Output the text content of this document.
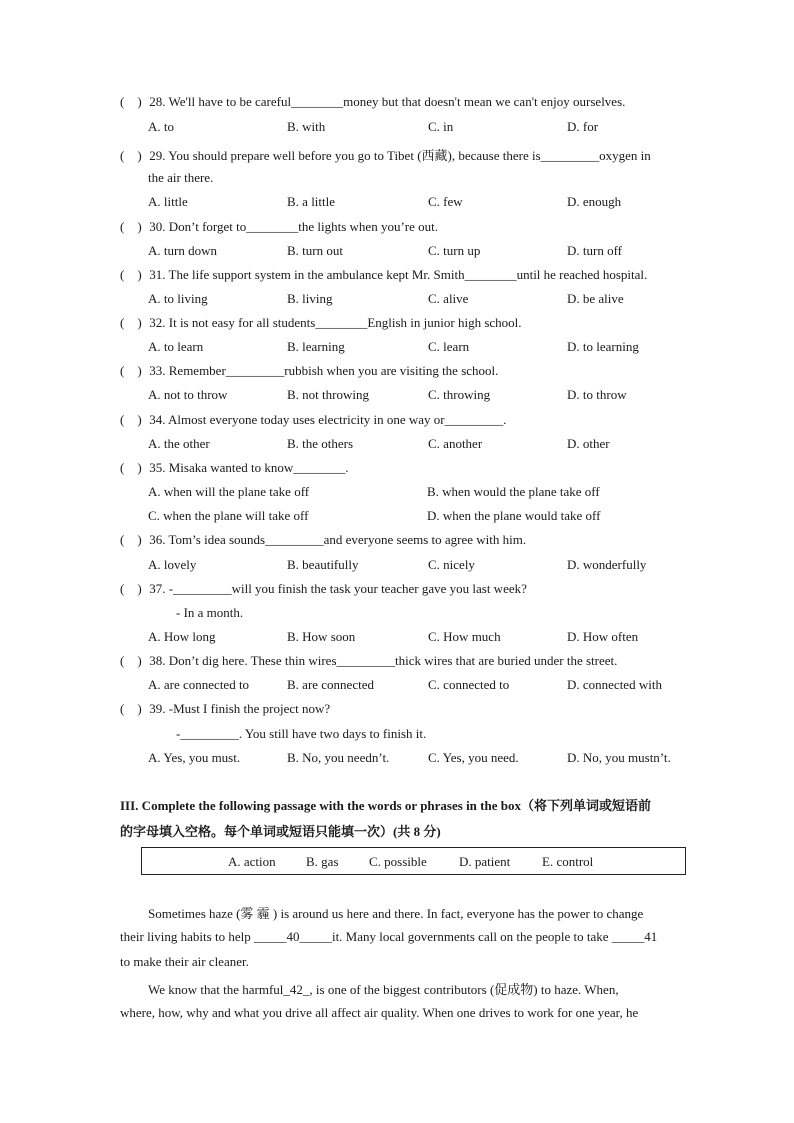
(    ) 28. We'll have to be careful________money but that doesn't mean we can't enjoy ourselves.
A. to	B. with	C. in	D. for
(    ) 29. You should prepare well before you go to Tibet (西藏), because there is_________oxygen in
the air there.
A. little	B. a little	C. few	D. enough
(    ) 30. Don’t forget to________the lights when you’re out.
A. turn down	B. turn out	C. turn up	D. turn off
(    ) 31. The life support system in the ambulance kept Mr. Smith________until he reached hospital.
A. to living	B. living	C. alive	D. be alive
(    ) 32. It is not easy for all students________English in junior high school.
A. to learn	B. learning	C. learn	D. to learning
(    ) 33. Remember_________rubbish when you are visiting the school.
A. not to throw	B. not throwing	C. throwing	D. to throw
(    ) 34. Almost everyone today uses electricity in one way or_________.
A. the other	B. the others	C. another	D. other
(    ) 35. Misaka wanted to know________.
A. when will the plane take off	B. when would the plane take off
C. when the plane will take off	D. when the plane would take off
(    ) 36. Tom’s idea sounds_________and everyone seems to agree with him.
A. lovely	B. beautifully	C. nicely	D. wonderfully
(    ) 37. -_________will you finish the task your teacher gave you last week?
- In a month.
A. How long	B. How soon	C. How much	D. How often
(    ) 38. Don’t dig here. These thin wires_________thick wires that are buried under the street.
A. are connected to	B. are connected	C. connected to	D. connected with
(    ) 39. -Must I finish the project now?
-_________. You still have two days to finish it.
A. Yes, you must.	B. No, you needn’t.	C. Yes, you need.	D. No, you mustn’t.
III. Complete the following passage with the words or phrases in the box（将下列单词或短语前
的字母填入空格。每个单词或短语只能填一次）(共 8 分)
A. action B. gas C. possible D. patient E. control
Sometimes haze (雾 霾 ) is around us here and there. In fact, everyone has the power to change
their living habits to help _____40_____it. Many local governments call on the people to take _____41
to make their air cleaner.
We know that the harmful_42_, is one of the biggest contributors (促成物) to haze. When,
where, how, why and what you drive all affect air quality. When one drives to work for one year, he
